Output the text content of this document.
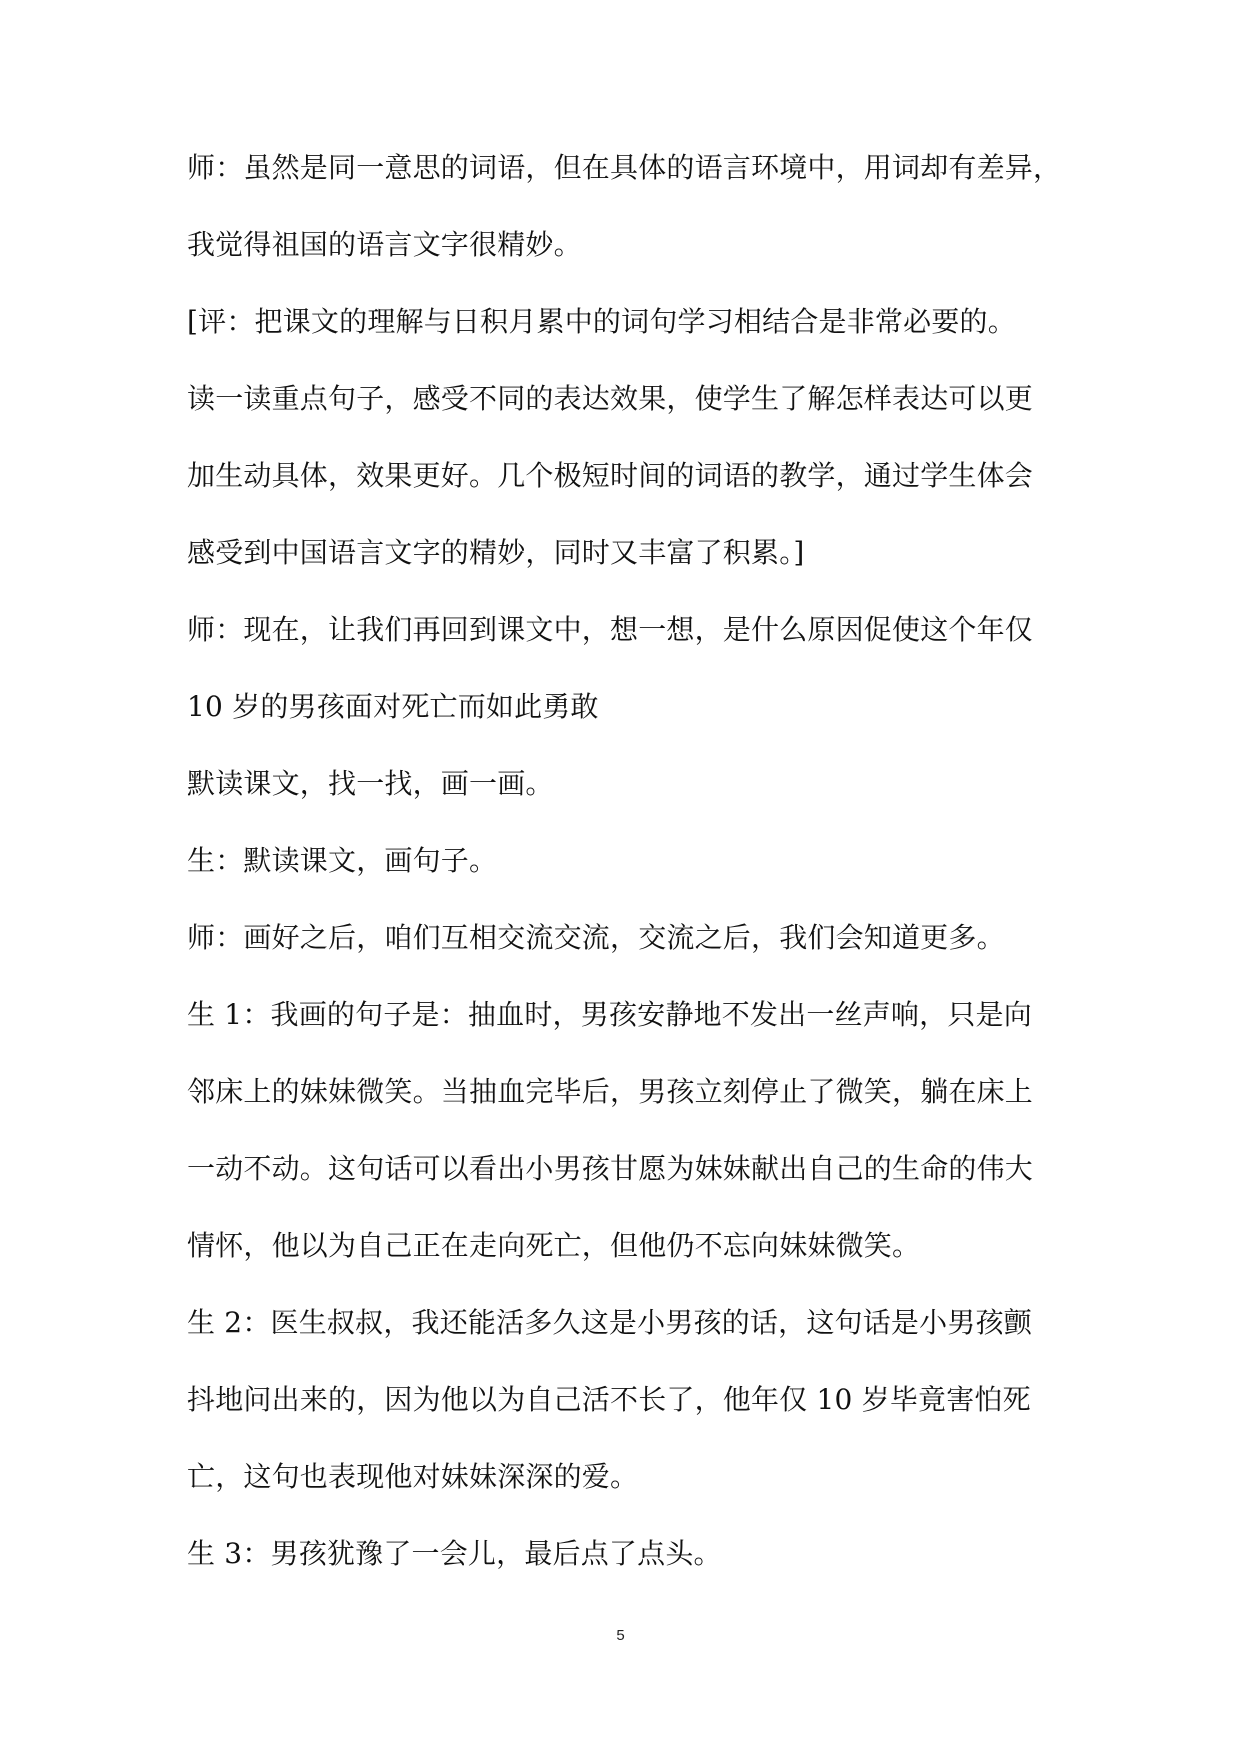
师：虽然是同一意思的词语，但在具体的语言环境中，用词却有差异，
我觉得祖国的语言文字很精妙。
[评：把课文的理解与日积月累中的词句学习相结合是非常必要的。
读一读重点句子，感受不同的表达效果，使学生了解怎样表达可以更
加生动具体，效果更好。几个极短时间的词语的教学，通过学生体会
感受到中国语言文字的精妙，同时又丰富了积累。]
师：现在，让我们再回到课文中，想一想，是什么原因促使这个年仅
10 岁的男孩面对死亡而如此勇敢
默读课文，找一找，画一画。
生：默读课文，画句子。
师：画好之后，咱们互相交流交流，交流之后，我们会知道更多。
生 1：我画的句子是：抽血时，男孩安静地不发出一丝声响，只是向
邻床上的妹妹微笑。当抽血完毕后，男孩立刻停止了微笑，躺在床上
一动不动。这句话可以看出小男孩甘愿为妹妹献出自己的生命的伟大
情怀，他以为自己正在走向死亡，但他仍不忘向妹妹微笑。
生 2：医生叔叔，我还能活多久这是小男孩的话，这句话是小男孩颤
抖地问出来的，因为他以为自己活不长了，他年仅 10 岁毕竟害怕死
亡，这句也表现他对妹妹深深的爱。
生 3：男孩犹豫了一会儿，最后点了点头。
5
